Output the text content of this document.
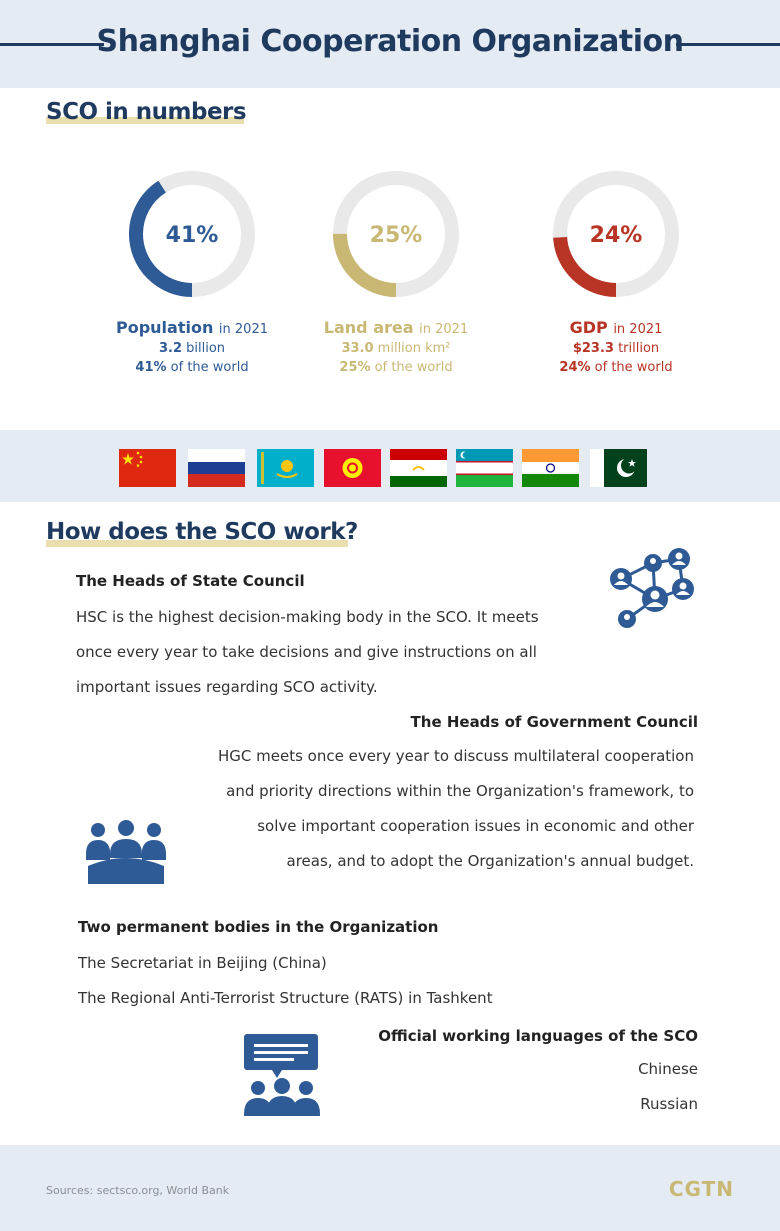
Shanghai Cooperation Organization
SCO in numbers
41%
Population in 2021
3.2 billion
41% of the world
25%
Land area in 2021
33.0 million km²
25% of the world
24%
GDP in 2021
$23.3 trillion
24% of the world
How does the SCO work?
The Heads of State Council
HSC is the highest decision-making body in the SCO. It meets
once every year to take decisions and give instructions on all
important issues regarding SCO activity.
The Heads of Government Council
HGC meets once every year to discuss multilateral cooperation
and priority directions within the Organization's framework, to
solve important cooperation issues in economic and other
areas, and to adopt the Organization's annual budget.
Two permanent bodies in the Organization
The Secretariat in Beijing (China)
The Regional Anti-Terrorist Structure (RATS) in Tashkent
Official working languages of the SCO
Chinese
Russian
Sources: sectsco.org, World Bank	CGTN
